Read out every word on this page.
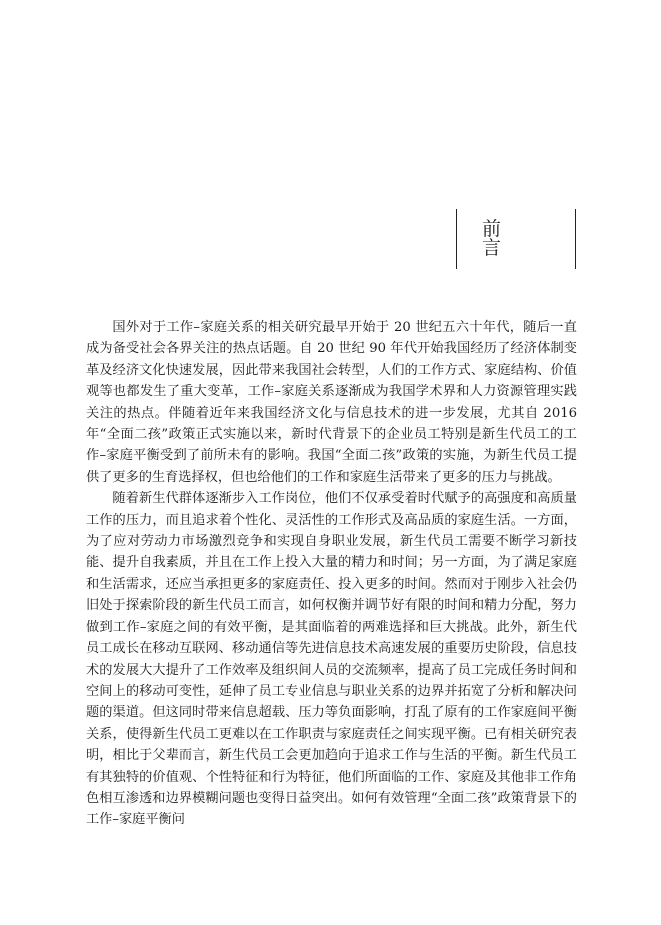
前　言

国外对于工作–家庭关系的相关研究最早开始于 20 世纪五六十年代，随后一直成为备受社会各界关注的热点话题。自 20 世纪 90 年代开始我国经历了经济体制变革及经济文化快速发展，因此带来我国社会转型，人们的工作方式、家庭结构、价值观等也都发生了重大变革，工作–家庭关系逐渐成为我国学术界和人力资源管理实践关注的热点。伴随着近年来我国经济文化与信息技术的进一步发展，尤其自 2016 年“全面二孩”政策正式实施以来，新时代背景下的企业员工特别是新生代员工的工作–家庭平衡受到了前所未有的影响。我国“全面二孩”政策的实施，为新生代员工提供了更多的生育选择权，但也给他们的工作和家庭生活带来了更多的压力与挑战。

随着新生代群体逐渐步入工作岗位，他们不仅承受着时代赋予的高强度和高质量工作的压力，而且追求着个性化、灵活性的工作形式及高品质的家庭生活。一方面，为了应对劳动力市场激烈竞争和实现自身职业发展，新生代员工需要不断学习新技能、提升自我素质，并且在工作上投入大量的精力和时间；另一方面，为了满足家庭和生活需求，还应当承担更多的家庭责任、投入更多的时间。然而对于刚步入社会仍旧处于探索阶段的新生代员工而言，如何权衡并调节好有限的时间和精力分配，努力做到工作–家庭之间的有效平衡，是其面临着的两难选择和巨大挑战。此外，新生代员工成长在移动互联网、移动通信等先进信息技术高速发展的重要历史阶段，信息技术的发展大大提升了工作效率及组织间人员的交流频率，提高了员工完成任务时间和空间上的移动可变性，延伸了员工专业信息与职业关系的边界并拓宽了分析和解决问题的渠道。但这同时带来信息超载、压力等负面影响，打乱了原有的工作家庭间平衡关系，使得新生代员工更难以在工作职责与家庭责任之间实现平衡。已有相关研究表明，相比于父辈而言，新生代员工会更加趋向于追求工作与生活的平衡。新生代员工有其独特的价值观、个性特征和行为特征，他们所面临的工作、家庭及其他非工作角色相互渗透和边界模糊问题也变得日益突出。如何有效管理“全面二孩”政策背景下的工作–家庭平衡问
